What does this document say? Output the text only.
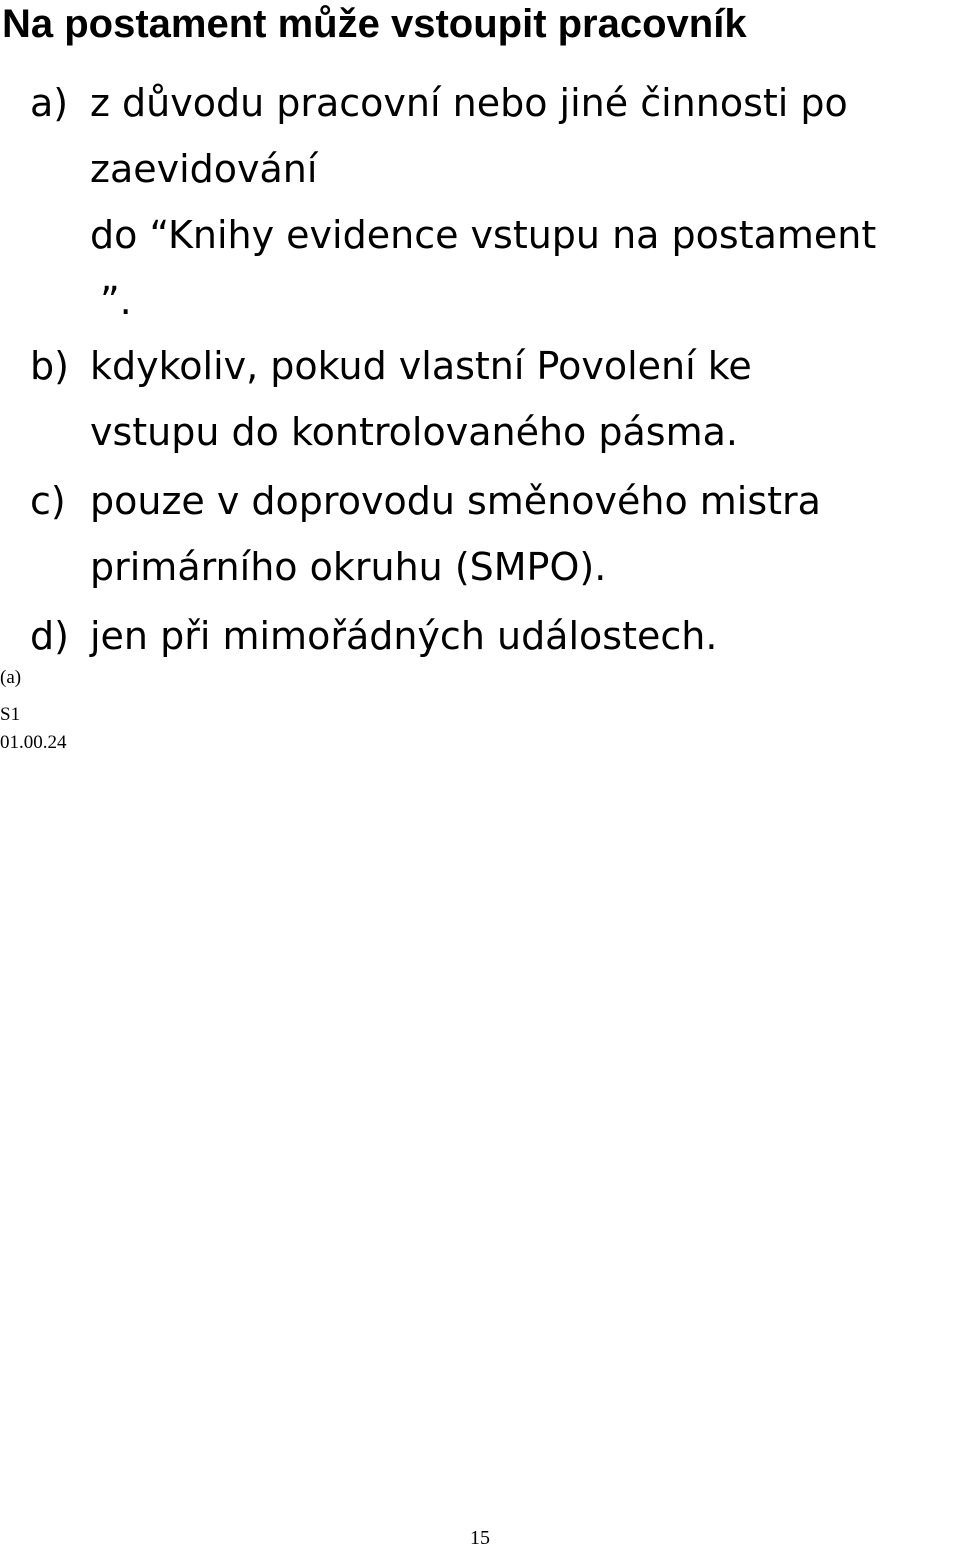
Na postament může vstoupit pracovník
a) z důvodu pracovní nebo jiné činnosti po
zaevidování
do “Knihy evidence vstupu na postament
”.
b) kdykoliv, pokud vlastní Povolení ke
vstupu do kontrolovaného pásma.
c) pouze v doprovodu směnového mistra
primárního okruhu (SMPO).
d) jen při mimořádných událostech.
(a)
S1
01.00.24
15
